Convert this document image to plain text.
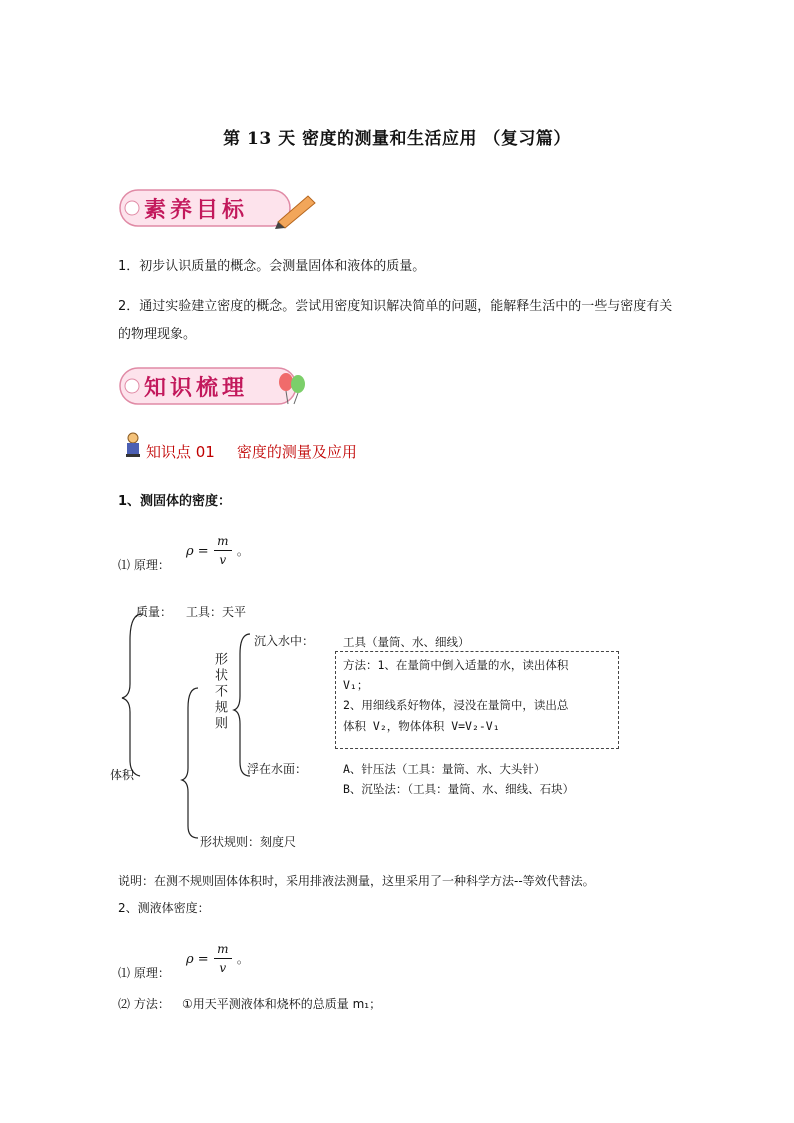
第 13 天 密度的测量和生活应用 （复习篇）
素养目标
1．初步认识质量的概念。会测量固体和液体的质量。
2．通过实验建立密度的概念。尝试用密度知识解决简单的问题，能解释生活中的一些与密度有关的物理现象。
知识梳理
知识点 01 密度的测量及应用
1、测固体的密度：
⑴ 原理：
$\rho = \frac{m}{v}$ 。
质量： 工具：天平
体积
形状不规则
沉入水中：	工具（量筒、水、细线）
方法：1、在量筒中倒入适量的水，读出体积
V₁；
2、用细线系好物体，浸没在量筒中，读出总
体积 V₂，物体体积 V=V₂-V₁
浮在水面：	A、针压法（工具：量筒、水、大头针）
B、沉坠法：（工具：量筒、水、细线、石块）
形状规则：刻度尺
说明：在测不规则固体体积时，采用排液法测量，这里采用了一种科学方法--等效代替法。
2、测液体密度：
⑴ 原理：
$\rho = \frac{m}{v}$ 。
⑵ 方法： ①用天平测液体和烧杯的总质量 m₁；
